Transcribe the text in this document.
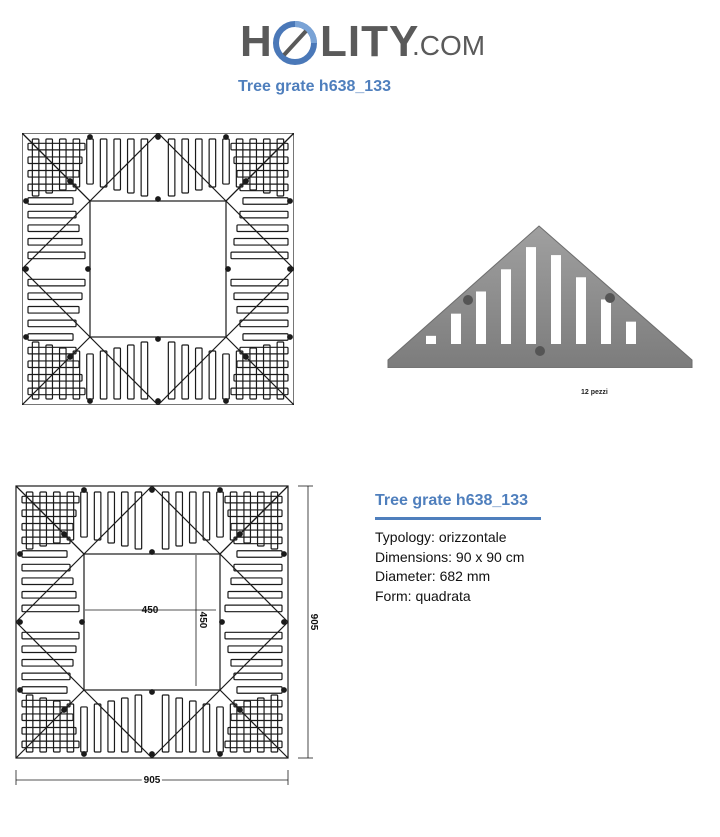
H LITY
.COM
Tree grate h638_133
12 pezzi
450
450
905
905
Tree grate h638_133
Typology: orizzontale
Dimensions: 90 x 90 cm
Diameter: 682 mm
Form: quadrata
